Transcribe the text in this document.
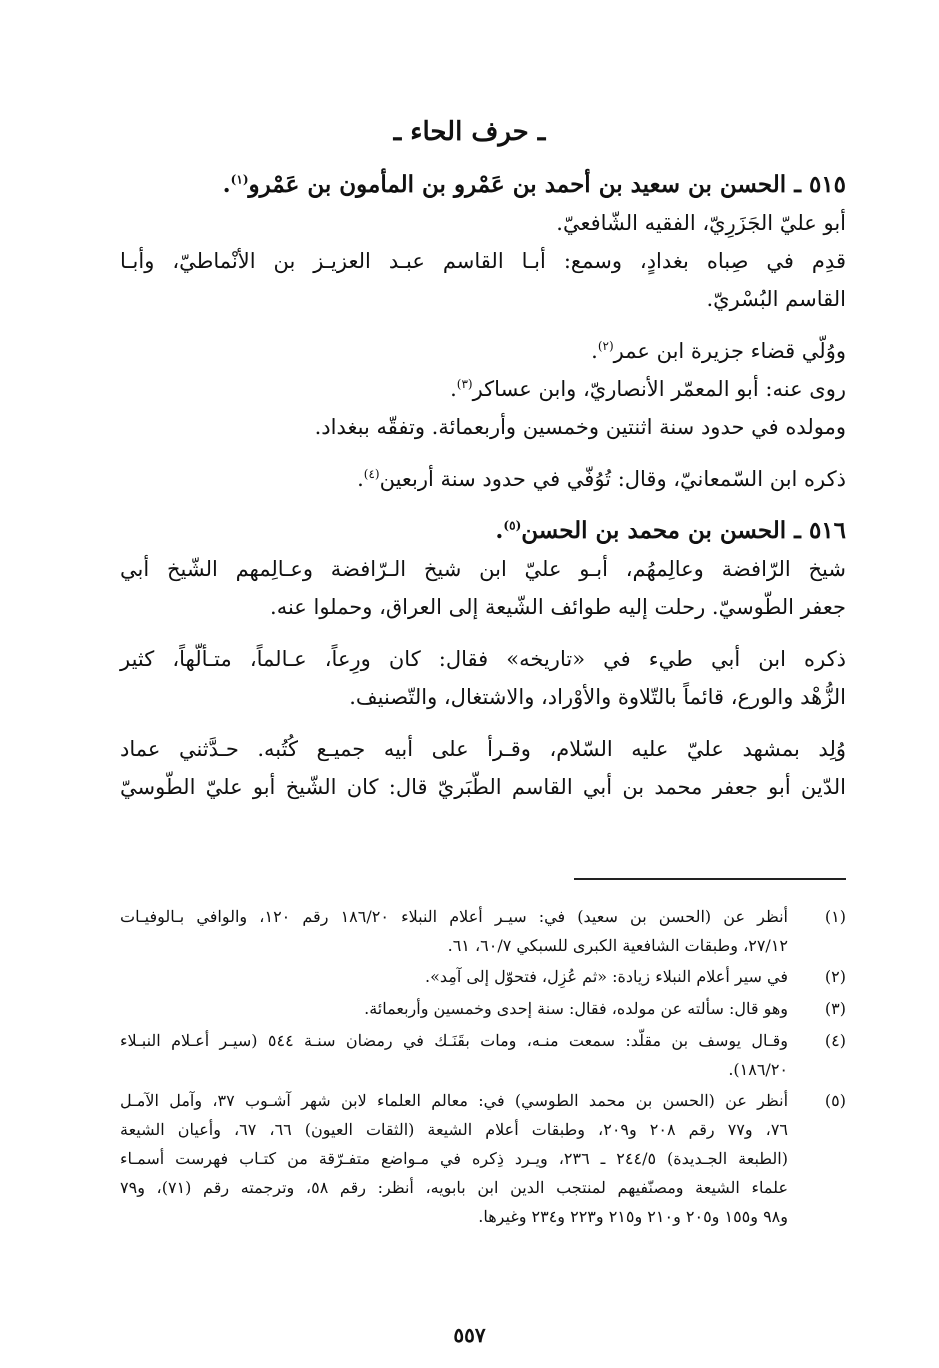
ـ حرف الحاء ـ
٥١٥ ـ الحسن بن سعيد بن أحمد بن عَمْرو بن المأمون بن عَمْرو$^{(١)}$.
أبو عليّ الجَزَرِيّ، الفقيه الشّافعيّ.
قدِم في صِباه بغدادٍ، وسمع: أبـا القاسم عبـد العزيـز بن الأنْماطيّ، وأبـا
القاسم البُسْريّ.
ووُلّي قضاء جزيرة ابن عمر$^{(٢)}$.
روى عنه: أبو المعمّر الأنصاريّ، وابن عساكر$^{(٣)}$.
ومولده في حدود سنة اثنتين وخمسين وأربعمائة. وتفقّه ببغداد.
ذكره ابن السّمعانيّ، وقال: تُوُفّي في حدود سنة أربعين$^{(٤)}$.
٥١٦ ـ الحسن بن محمد بن الحسن$^{(٥)}$.
شيخ الرّافضة وعالِمهُم، أبـو عليّ ابن شيخ الـرّافضة وعـالِمهم الشّيخ أبي
جعفر الطّوسيّ. رحلت إليه طوائف الشّيعة إلى العراق، وحملوا عنه.
ذكره ابن أبي طيء في «تاريخه» فقال: كان ورِعاً، عـالماً، متـألّهاً، كثير
الزُّهْد والورع، قائماً بالتّلاوة والأوْراد، والاشتغال، والتّصنيف.
وُلِد بمشهد عليّ عليه السّلام، وقـرأ على أبيه جميـع كُتُبه. حـدَّثني عماد
الدّين أبو جعفر محمد بن أبي القاسم الطّبَريّ قال: كان الشّيخ أبو عليّ الطّوسيّ
(١)
أنظر عن (الحسن بن سعيد) في: سيـر أعلام النبلاء ١٨٦/٢٠ رقم ١٢٠، والوافي بـالوفيـات
٢٧/١٢، وطبقات الشافعية الكبرى للسبكي ٦٠/٧، ٦١.
(٢)
في سير أعلام النبلاء زيادة: «ثم عُزِل، فتحوّل إلى آمِد».
(٣)
وهو قال: سألته عن مولده، فقال: سنة إحدى وخمسين وأربعمائة.
(٤)
وقـال يوسف بن مقلّد: سمعت منـه، ومات بقَنَـك في رمضان سنـة ٥٤٤ (سيـر أعـلام النبـلاء
١٨٦/٢٠).
(٥)
أنظر عن (الحسن بن محمد الطوسي) في: معالم العلماء لابن شهر آشـوب ٣٧، وآمل الآمـل
٧٦، و٧٧ رقم ٢٠٨ و٢٠٩، وطبقات أعلام الشيعة (الثقات العيون) ٦٦، ٦٧، وأعيان الشيعة
(الطبعة الجـديدة) ٢٤٤/٥ ـ ٢٣٦، ويـرد ذِكره في مـواضع متفـرّقة من كتـاب فهرست أسمـاء
علماء الشيعة ومصنّفيهم لمنتجب الدين ابن بابويه، أنظر: رقم ٥٨، وترجمته رقم (٧١)، و٧٩
و٩٨ و١٥٥ و٢٠٥ و٢١٠ و٢١٥ و٢٢٣ و٢٣٤ وغيرها.
٥٥٧
